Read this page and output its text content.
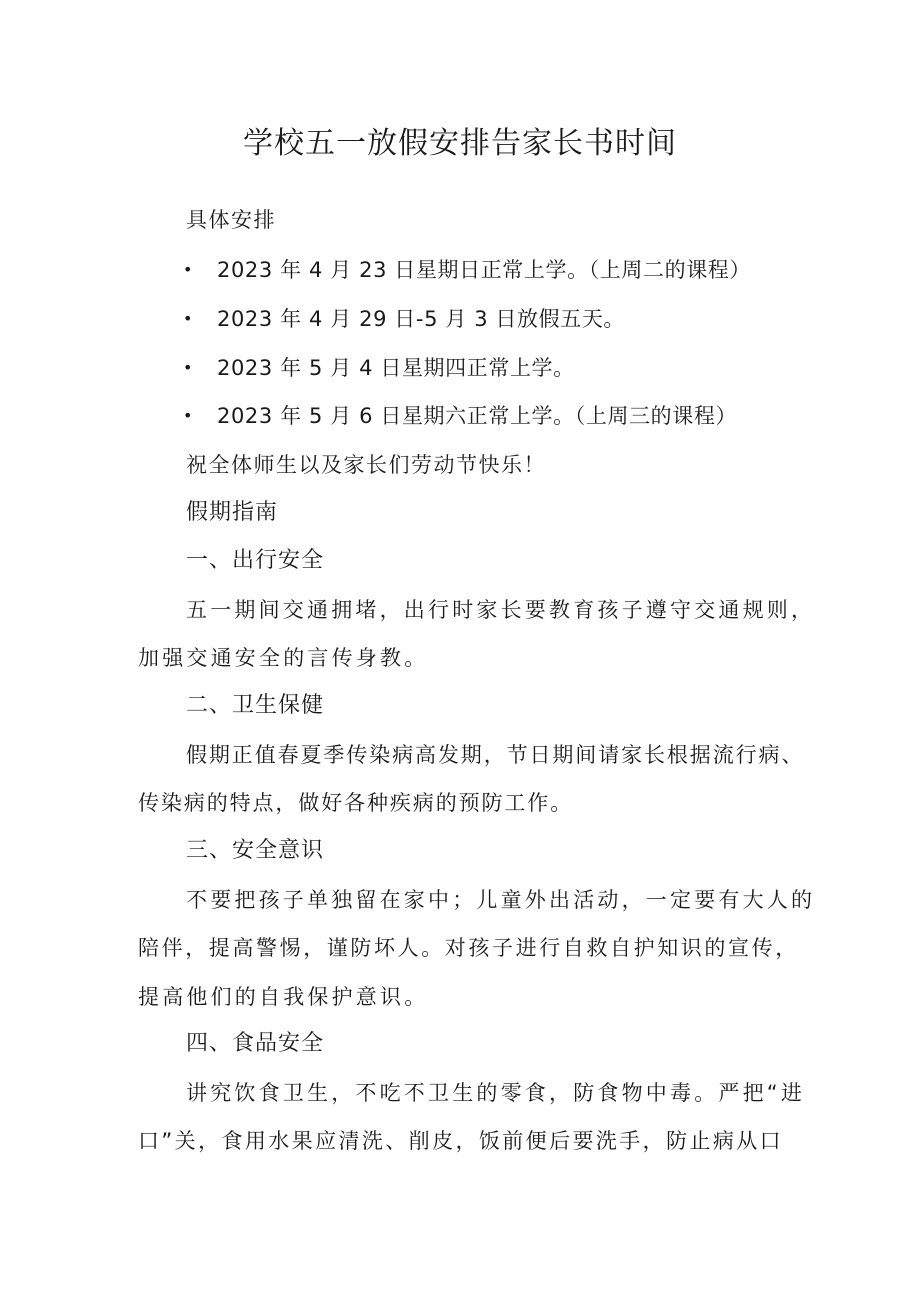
学校五一放假安排告家长书时间
具体安排
• 2023 年 4 月 23 日星期日正常上学。（上周二的课程）
• 2023 年 4 月 29 日-5 月 3 日放假五天。
• 2023 年 5 月 4 日星期四正常上学。
• 2023 年 5 月 6 日星期六正常上学。（上周三的课程）
祝全体师生以及家长们劳动节快乐！
假期指南
一、出行安全
五一期间交通拥堵，出行时家长要教育孩子遵守交通规则，
加强交通安全的言传身教。
二、卫生保健
假期正值春夏季传染病高发期，节日期间请家长根据流行病、
传染病的特点，做好各种疾病的预防工作。
三、安全意识
不要把孩子单独留在家中；儿童外出活动，一定要有大人的
陪伴，提高警惕，谨防坏人。对孩子进行自救自护知识的宣传，
提高他们的自我保护意识。
四、食品安全
讲究饮食卫生，不吃不卫生的零食，防食物中毒。严把“进
口”关，食用水果应清洗、削皮，饭前便后要洗手，防止病从口
